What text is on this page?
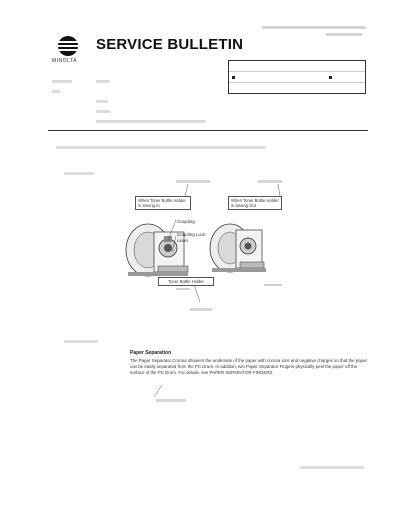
MINOLTA
SERVICE BULLETIN
When Toner Bottle Holder is Swung In
When Toner Bottle Holder is Swung Out
Coupling
Coupling Lock Lever
Toner Bottle Holder
Paper Separation
The Paper Separator Corona showers the underside of the paper with corona ions and negative charges so that the paper can be easily separated from the PC Drum. In addition, two Paper Separator Fingers physically peel the paper off the surface of the PC Drum. For details, see PAPER SEPARATOR FINGERS.
